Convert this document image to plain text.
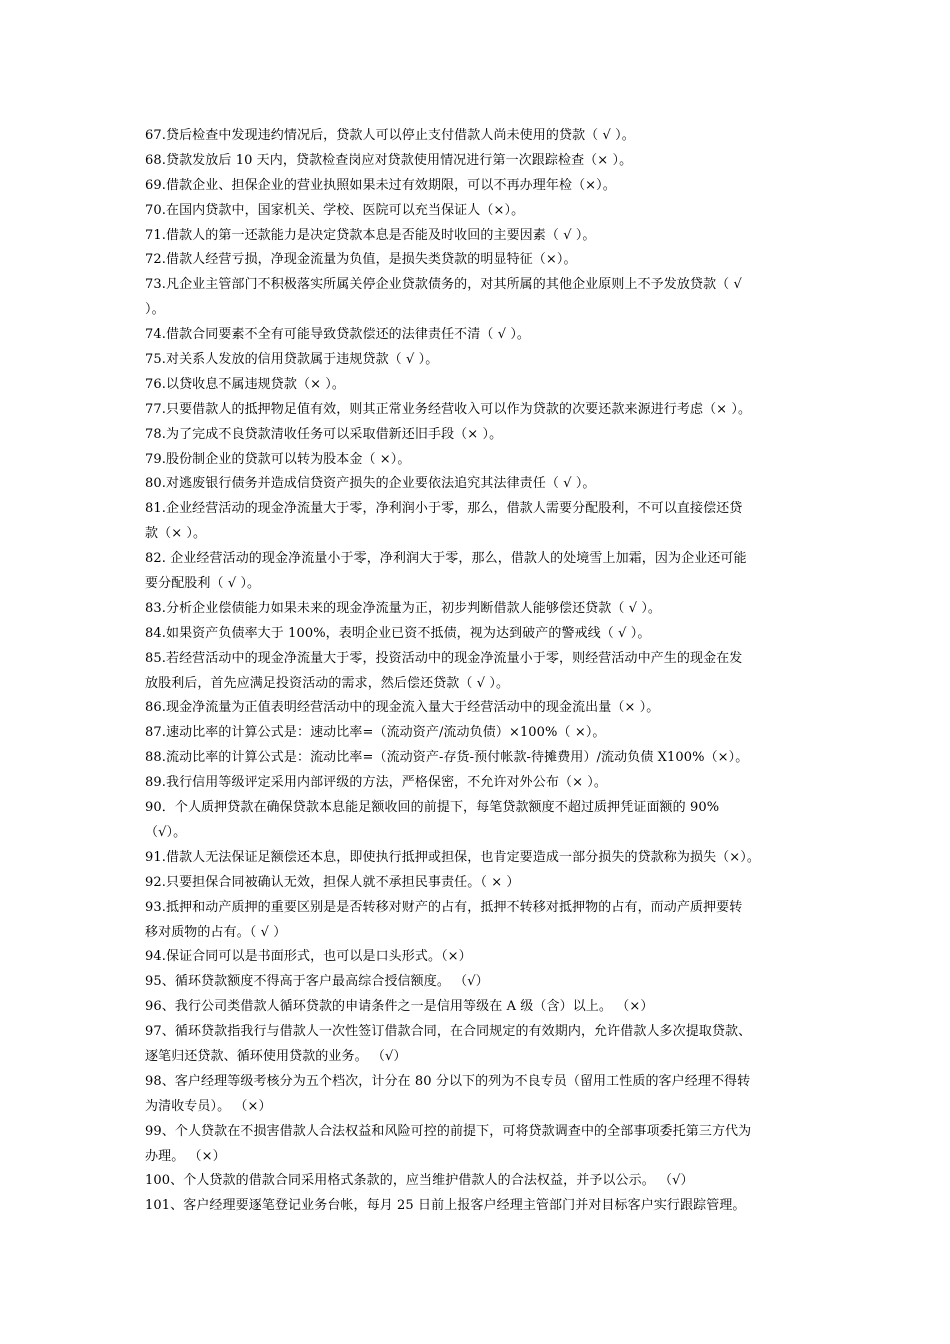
67.贷后检查中发现违约情况后，贷款人可以停止支付借款人尚未使用的贷款（ √ ）。
68.贷款发放后 10 天内，贷款检查岗应对贷款使用情况进行第一次跟踪检查（× ）。
69.借款企业、担保企业的营业执照如果未过有效期限，可以不再办理年检（×）。
70.在国内贷款中，国家机关、学校、医院可以充当保证人（×）。
71.借款人的第一还款能力是决定贷款本息是否能及时收回的主要因素（ √ ）。
72.借款人经营亏损，净现金流量为负值，是损失类贷款的明显特征（×）。
73.凡企业主管部门不积极落实所属关停企业贷款债务的，对其所属的其他企业原则上不予发放贷款（ √
）。
74.借款合同要素不全有可能导致贷款偿还的法律责任不清（ √ ）。
75.对关系人发放的信用贷款属于违规贷款（ √ ）。
76.以贷收息不属违规贷款（× ）。
77.只要借款人的抵押物足值有效，则其正常业务经营收入可以作为贷款的次要还款来源进行考虑（× ）。
78.为了完成不良贷款清收任务可以采取借新还旧手段（× ）。
79.股份制企业的贷款可以转为股本金（ ×）。
80.对逃废银行债务并造成信贷资产损失的企业要依法追究其法律责任（ √ ）。
81.企业经营活动的现金净流量大于零，净利润小于零，那么，借款人需要分配股利，不可以直接偿还贷
款（× ）。
82. 企业经营活动的现金净流量小于零，净利润大于零，那么，借款人的处境雪上加霜，因为企业还可能
要分配股利（ √ ）。
83.分析企业偿债能力如果未来的现金净流量为正，初步判断借款人能够偿还贷款（ √ ）。
84.如果资产负债率大于 100%，表明企业已资不抵债，视为达到破产的警戒线（ √ ）。
85.若经营活动中的现金净流量大于零，投资活动中的现金净流量小于零，则经营活动中产生的现金在发
放股利后，首先应满足投资活动的需求，然后偿还贷款（ √ ）。
86.现金净流量为正值表明经营活动中的现金流入量大于经营活动中的现金流出量（× ）。
87.速动比率的计算公式是：速动比率=（流动资产/流动负债）×100%（ ×）。
88.流动比率的计算公式是：流动比率=（流动资产-存货-预付帐款-待摊费用）/流动负债 X100%（×）。
89.我行信用等级评定采用内部评级的方法，严格保密，不允许对外公布（× ）。
90．个人质押贷款在确保贷款本息能足额收回的前提下，每笔贷款额度不超过质押凭证面额的 90%
（√）。
91.借款人无法保证足额偿还本息，即使执行抵押或担保，也肯定要造成一部分损失的贷款称为损失（×）。
92.只要担保合同被确认无效，担保人就不承担民事责任。（ × ）
93.抵押和动产质押的重要区别是是否转移对财产的占有，抵押不转移对抵押物的占有，而动产质押要转
移对质物的占有。（ √ ）
94.保证合同可以是书面形式，也可以是口头形式。（×）
95、循环贷款额度不得高于客户最高综合授信额度。 （√）
96、我行公司类借款人循环贷款的申请条件之一是信用等级在 A 级（含）以上。 （×）
97、循环贷款指我行与借款人一次性签订借款合同，在合同规定的有效期内，允许借款人多次提取贷款、
逐笔归还贷款、循环使用贷款的业务。 （√）
98、客户经理等级考核分为五个档次，计分在 80 分以下的列为不良专员（留用工性质的客户经理不得转
为清收专员）。 （×）
99、个人贷款在不损害借款人合法权益和风险可控的前提下，可将贷款调查中的全部事项委托第三方代为
办理。 （×）
100、个人贷款的借款合同采用格式条款的，应当维护借款人的合法权益，并予以公示。 （√）
101、客户经理要逐笔登记业务台帐，每月 25 日前上报客户经理主管部门并对目标客户实行跟踪管理。
